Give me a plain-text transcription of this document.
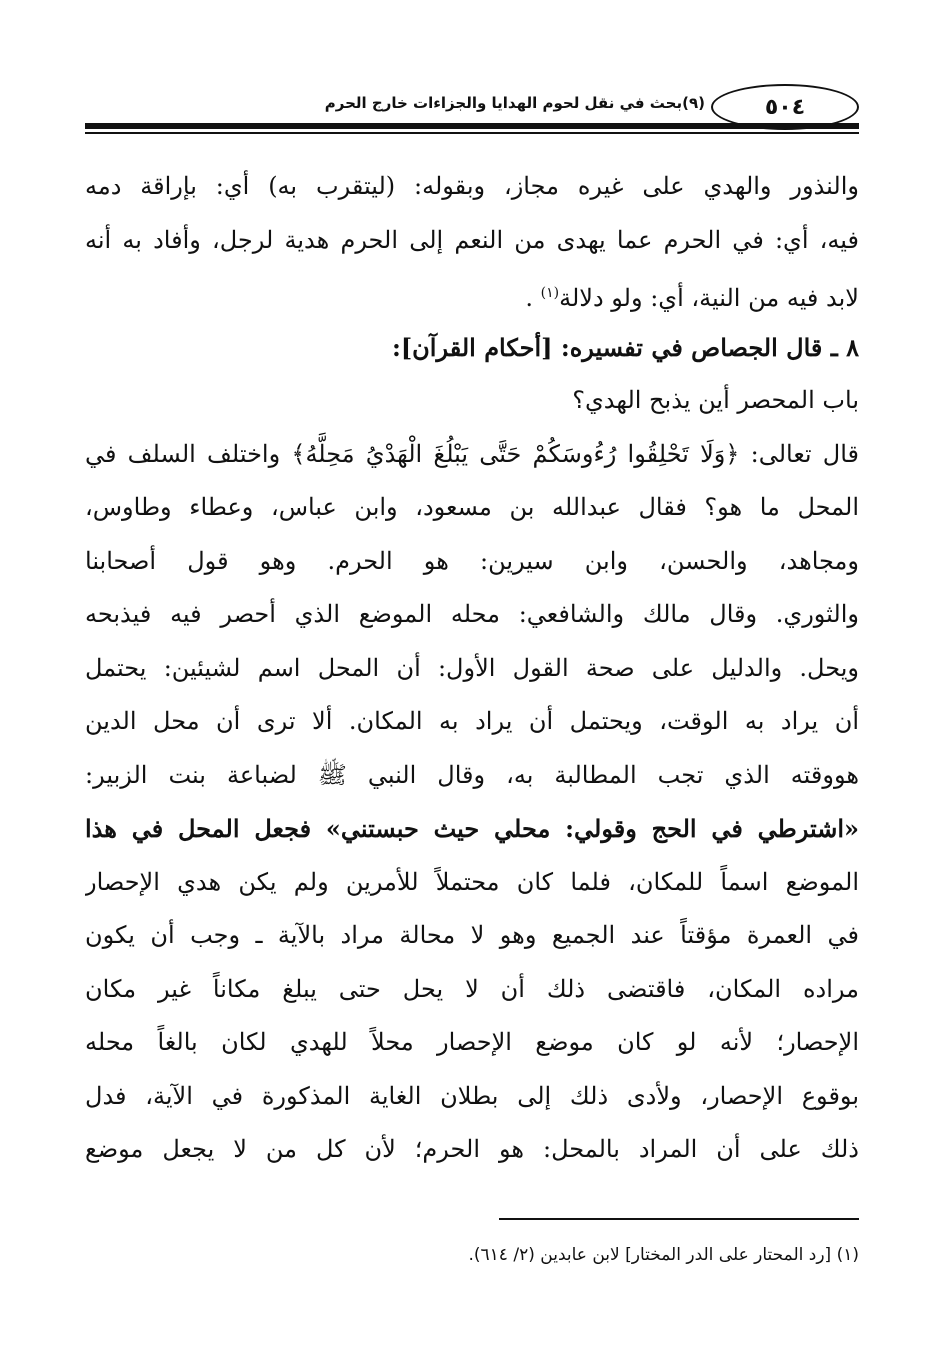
٥٠٤
(٩)بحث في نقل لحوم الهدايا والجزاءات خارج الحرم
والنذور والهدي على غيره مجاز، وبقوله: (ليتقرب به) أي: بإراقة دمه
فيه، أي: في الحرم عما يهدى من النعم إلى الحرم هدية لرجل، وأفاد به أنه
لابد فيه من النية، أي: ولو دلالة$^{(١)}$ .
٨ ـ قال الجصاص في تفسيره: [أحكام القرآن]:
باب المحصر أين يذبح الهدي؟
قال تعالى: ﴿وَلَا تَحْلِقُوا رُءُوسَكُمْ حَتَّى يَبْلُغَ الْهَدْيُ مَحِلَّهُ﴾ واختلف السلف في
المحل ما هو؟ فقال عبدالله بن مسعود، وابن عباس، وعطاء وطاوس،
ومجاهد، والحسن، وابن سيرين: هو الحرم. وهو قول أصحابنا
والثوري. وقال مالك والشافعي: محله الموضع الذي أحصر فيه فيذبحه
ويحل. والدليل على صحة القول الأول: أن المحل اسم لشيئين: يحتمل
أن يراد به الوقت، ويحتمل أن يراد به المكان. ألا ترى أن محل الدين
هووقته الذي تجب المطالبة به، وقال النبي ﷺ لضباعة بنت الزبير:
«اشترطي في الحج وقولي: محلي حيث حبستني» فجعل المحل في هذا
الموضع اسماً للمكان، فلما كان محتملاً للأمرين ولم يكن هدي الإحصار
في العمرة مؤقتاً عند الجميع وهو لا محالة مراد بالآية ـ وجب أن يكون
مراده المكان، فاقتضى ذلك أن لا يحل حتى يبلغ مكاناً غير مكان
الإحصار؛ لأنه لو كان موضع الإحصار محلاً للهدي لكان بالغاً محله
بوقوع الإحصار، ولأدى ذلك إلى بطلان الغاية المذكورة في الآية، فدل
ذلك على أن المراد بالمحل: هو الحرم؛ لأن كل من لا يجعل موضع
(١) [رد المحتار على الدر المختار] لابن عابدين (٢/ ٦١٤).
